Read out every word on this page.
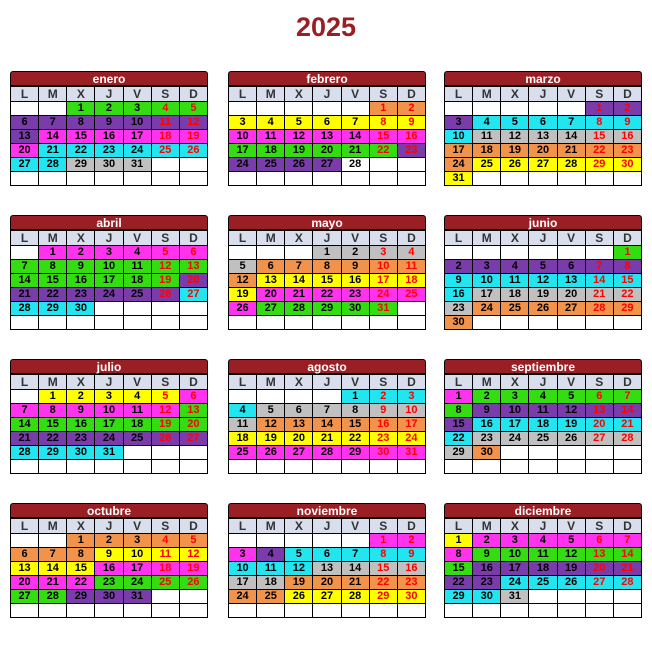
2025
enero
L	M	X	J	V	S	D
		1	2	3	4	5
6	7	8	9	10	11	12
13	14	15	16	17	18	19
20	21	22	23	24	25	26
27	28	29	30	31		

febrero
L	M	X	J	V	S	D
					1	2
3	4	5	6	7	8	9
10	11	12	13	14	15	16
17	18	19	20	21	22	23
24	25	26	27	28		

marzo
L	M	X	J	V	S	D
					1	2
3	4	5	6	7	8	9
10	11	12	13	14	15	16
17	18	19	20	21	22	23
24	25	26	27	28	29	30
31						
abril
L	M	X	J	V	S	D
	1	2	3	4	5	6
7	8	9	10	11	12	13
14	15	16	17	18	19	20
21	22	23	24	25	26	27
28	29	30				

mayo
L	M	X	J	V	S	D
			1	2	3	4
5	6	7	8	9	10	11
12	13	14	15	16	17	18
19	20	21	22	23	24	25
26	27	28	29	30	31	

junio
L	M	X	J	V	S	D
						1
2	3	4	5	6	7	8
9	10	11	12	13	14	15
16	17	18	19	20	21	22
23	24	25	26	27	28	29
30						
julio
L	M	X	J	V	S	D
	1	2	3	4	5	6
7	8	9	10	11	12	13
14	15	16	17	18	19	20
21	22	23	24	25	26	27
28	29	30	31			

agosto
L	M	X	J	V	S	D
				1	2	3
4	5	6	7	8	9	10
11	12	13	14	15	16	17
18	19	20	21	22	23	24
25	26	27	28	29	30	31

septiembre
L	M	X	J	V	S	D
1	2	3	4	5	6	7
8	9	10	11	12	13	14
15	16	17	18	19	20	21
22	23	24	25	26	27	28
29	30					

octubre
L	M	X	J	V	S	D
		1	2	3	4	5
6	7	8	9	10	11	12
13	14	15	16	17	18	19
20	21	22	23	24	25	26
27	28	29	30	31		

noviembre
L	M	X	J	V	S	D
					1	2
3	4	5	6	7	8	9
10	11	12	13	14	15	16
17	18	19	20	21	22	23
24	25	26	27	28	29	30

diciembre
L	M	X	J	V	S	D
1	2	3	4	5	6	7
8	9	10	11	12	13	14
15	16	17	18	19	20	21
22	23	24	25	26	27	28
29	30	31				
